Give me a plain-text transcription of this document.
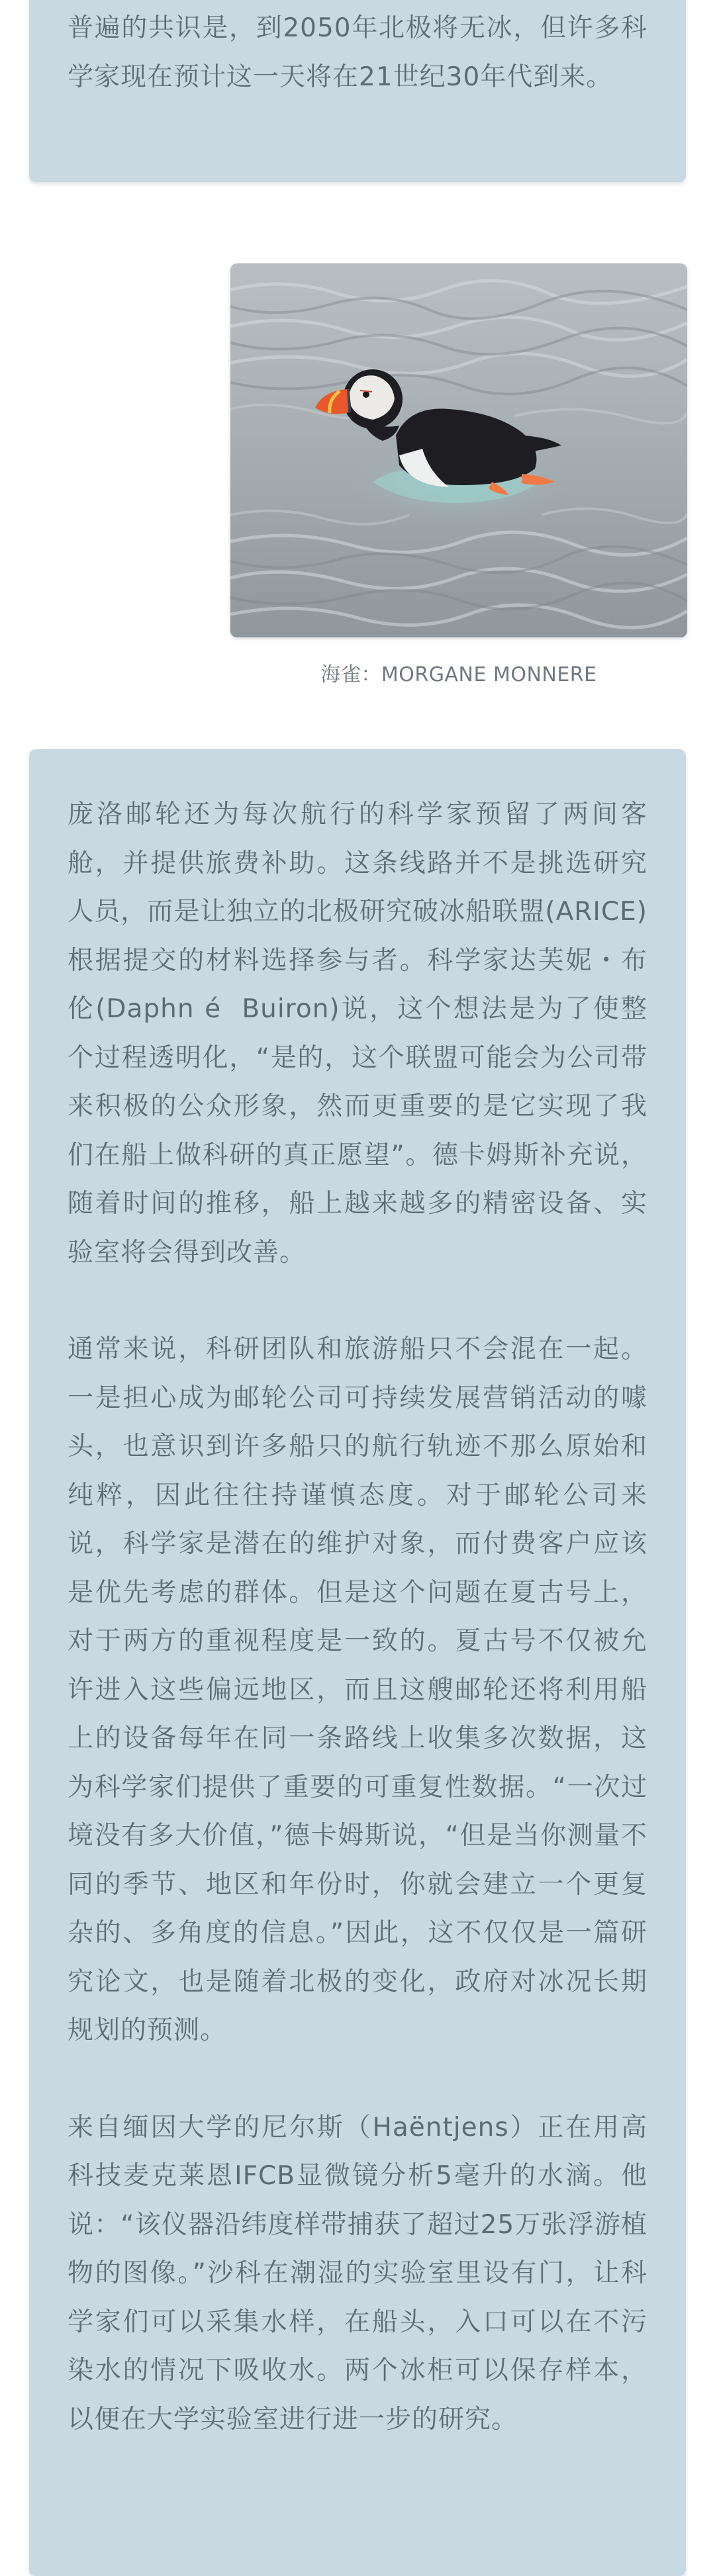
普遍的共识是，到2050年北极将无冰，但许多科学家现在预计这一天将在21世纪30年代到来。

海雀：MORGANE MONNERE

庞洛邮轮还为每次航行的科学家预留了两间客舱，并提供旅费补助。这条线路并不是挑选研究人员，而是让独立的北极研究破冰船联盟(ARICE)根据提交的材料选择参与者。科学家达芙妮・布伦(Daphn é  Buiron)说，这个想法是为了使整个过程透明化，“是的，这个联盟可能会为公司带来积极的公众形象，然而更重要的是它实现了我们在船上做科研的真正愿望”。德卡姆斯补充说，随着时间的推移，船上越来越多的精密设备、实验室将会得到改善。

通常来说，科研团队和旅游船只不会混在一起。一是担心成为邮轮公司可持续发展营销活动的噱头，也意识到许多船只的航行轨迹不那么原始和纯粹，因此往往持谨慎态度。对于邮轮公司来说，科学家是潜在的维护对象，而付费客户应该是优先考虑的群体。但是这个问题在夏古号上，对于两方的重视程度是一致的。夏古号不仅被允许进入这些偏远地区，而且这艘邮轮还将利用船上的设备每年在同一条路线上收集多次数据，这为科学家们提供了重要的可重复性数据。“一次过境没有多大价值，”德卡姆斯说，“但是当你测量不同的季节、地区和年份时，你就会建立一个更复杂的、多角度的信息。”因此，这不仅仅是一篇研究论文，也是随着北极的变化，政府对冰况长期规划的预测。

来自缅因大学的尼尔斯（Haëntjens）正在用高科技麦克莱恩IFCB显微镜分析5毫升的水滴。他说：“该仪器沿纬度样带捕获了超过25万张浮游植物的图像。”沙科在潮湿的实验室里设有门，让科学家们可以采集水样，在船头，入口可以在不污染水的情况下吸收水。两个冰柜可以保存样本，以便在大学实验室进行进一步的研究。
